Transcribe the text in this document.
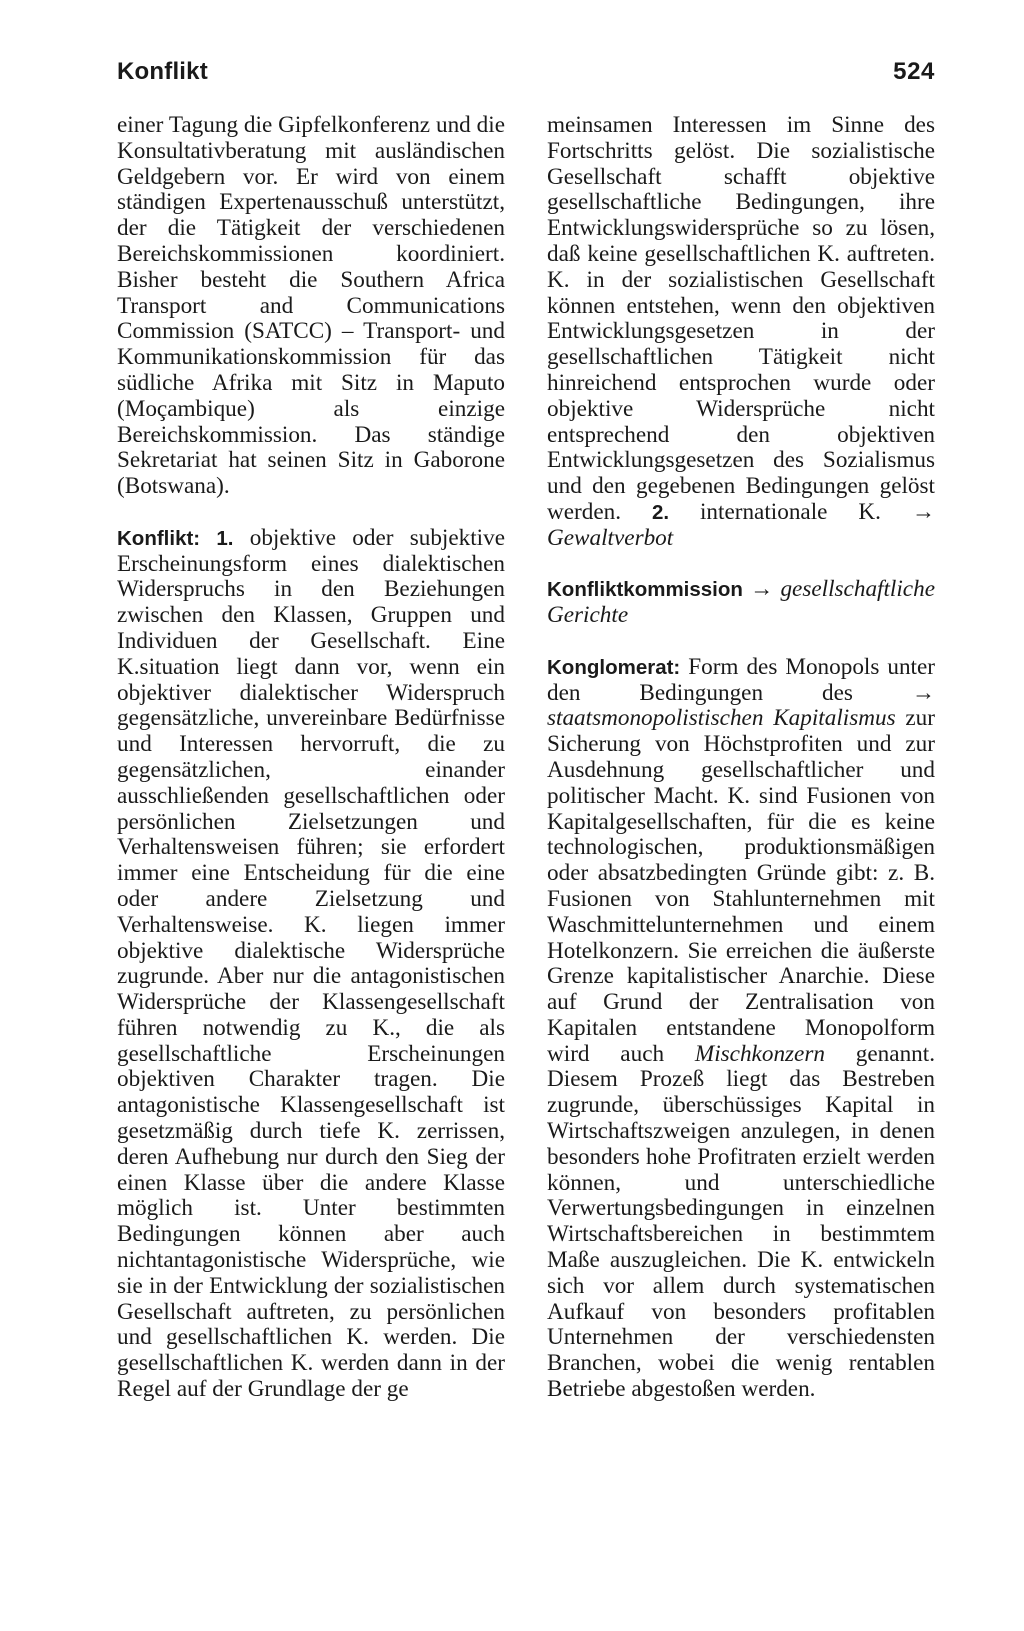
Konflikt	524

einer Tagung die Gipfelkonferenz und die Konsultativberatung mit ausländischen Geldgebern vor. Er wird von einem ständigen Expertenausschuß unterstützt, der die Tätigkeit der verschiedenen Bereichskommissionen koordiniert. Bisher besteht die Southern Africa Transport and Communications Commission (SATCC) – Transport- und Kommunikationskommission für das südliche Afrika mit Sitz in Maputo (Moçambique) als einzige Bereichskommission. Das ständige Sekretariat hat seinen Sitz in Gaborone (Botswana).

Konflikt: 1. objektive oder subjektive Erscheinungsform eines dialektischen Widerspruchs in den Beziehungen zwischen den Klassen, Gruppen und Individuen der Gesellschaft. Eine K.situation liegt dann vor, wenn ein objektiver dialektischer Widerspruch gegensätzliche, unvereinbare Bedürfnisse und Interessen hervorruft, die zu gegensätzlichen, einander ausschließenden gesellschaftlichen oder persönlichen Zielsetzungen und Verhaltensweisen führen; sie erfordert immer eine Entscheidung für die eine oder andere Zielsetzung und Verhaltensweise. K. liegen immer objektive dialektische Widersprüche zugrunde. Aber nur die antagonistischen Widersprüche der Klassengesellschaft führen notwendig zu K., die als gesellschaftliche Erscheinungen objektiven Charakter tragen. Die antagonistische Klassengesellschaft ist gesetzmäßig durch tiefe K. zerrissen, deren Aufhebung nur durch den Sieg der einen Klasse über die andere Klasse möglich ist. Unter bestimmten Bedingungen können aber auch nichtantagonistische Widersprüche, wie sie in der Entwicklung der sozialistischen Gesellschaft auftreten, zu persönlichen und gesellschaftlichen K. werden. Die gesellschaftlichen K. werden dann in der Regel auf der Grundlage der ge

meinsamen Interessen im Sinne des Fortschritts gelöst. Die sozialistische Gesellschaft schafft objektive gesellschaftliche Bedingungen, ihre Entwicklungswidersprüche so zu lösen, daß keine gesellschaftlichen K. auftreten. K. in der sozialistischen Gesellschaft können entstehen, wenn den objektiven Entwicklungsgesetzen in der gesellschaftlichen Tätigkeit nicht hinreichend entsprochen wurde oder objektive Widersprüche nicht entsprechend den objektiven Entwicklungsgesetzen des Sozialismus und den gegebenen Bedingungen gelöst werden. 2. internationale K. → Gewaltverbot

Konfliktkommission → gesellschaftliche Gerichte

Konglomerat: Form des Monopols unter den Bedingungen des → staatsmonopolistischen Kapitalismus zur Sicherung von Höchstprofiten und zur Ausdehnung gesellschaftlicher und politischer Macht. K. sind Fusionen von Kapitalgesellschaften, für die es keine technologischen, produktionsmäßigen oder absatzbedingten Gründe gibt: z. B. Fusionen von Stahlunternehmen mit Waschmittelunternehmen und einem Hotelkonzern. Sie erreichen die äußerste Grenze kapitalistischer Anarchie. Diese auf Grund der Zentralisation von Kapitalen entstandene Monopolform wird auch Mischkonzern genannt. Diesem Prozeß liegt das Bestreben zugrunde, überschüssiges Kapital in Wirtschaftszweigen anzulegen, in denen besonders hohe Profitraten erzielt werden können, und unterschiedliche Verwertungsbedingungen in einzelnen Wirtschaftsbereichen in bestimmtem Maße auszugleichen. Die K. entwickeln sich vor allem durch systematischen Aufkauf von besonders profitablen Unternehmen der verschiedensten Branchen, wobei die wenig rentablen Betriebe abgestoßen werden.
